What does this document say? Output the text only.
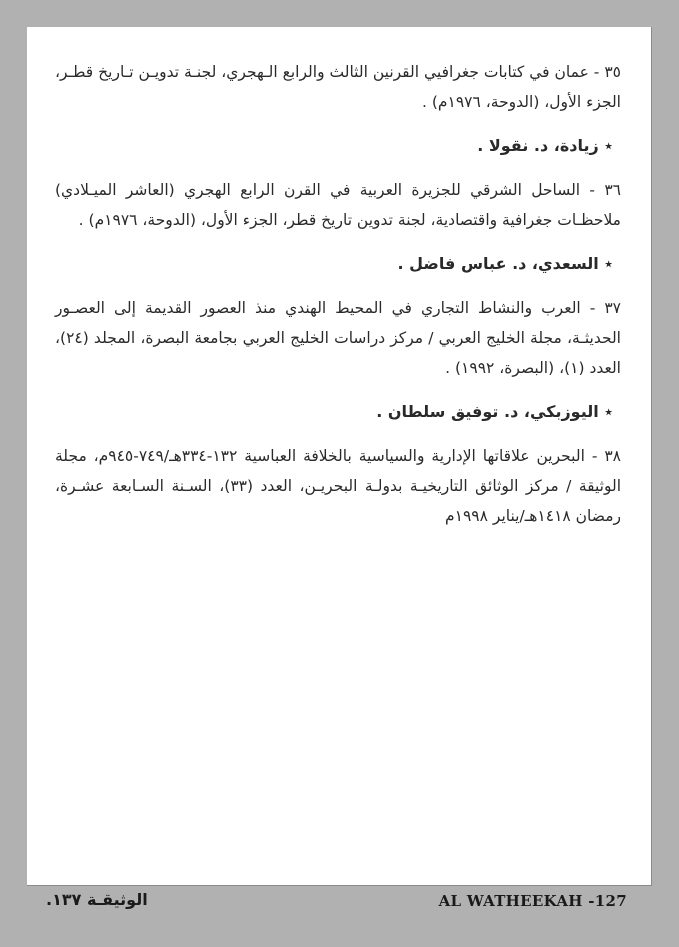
٣٥ - عمان في كتابات جغرافيي القرنين الثالث والرابع الـهجري، لجنـة تدويـن تـاريخ قطـر، الجزء الأول، (الدوحة، ١٩٧٦م) .
٭ زيادة، د. نقولا .
٣٦ - الساحل الشرقي للجزيرة العربية في القرن الرابع الهجري (العاشر الميـلادي) ملاحظـات جغرافية واقتصادية، لجنة تدوين تاريخ قطر، الجزء الأول، (الدوحة، ١٩٧٦م) .
٭ السعدي، د. عباس فاضل .
٣٧ - العرب والنشاط التجاري في المحيط الهندي منذ العصور القديمة إلى العصـور الحديثـة، مجلة الخليج العربي / مركز دراسات الخليج العربي بجامعة البصرة، المجلد (٢٤)، العدد (١)، (البصرة، ١٩٩٢) .
٭ اليوزبكي، د. توفيق سلطان .
٣٨ - البحرين علاقاتها الإدارية والسياسية بالخلافة العباسية ١٣٢-٣٣٤هـ/٧٤٩-٩٤٥م، مجلة الوثيقة / مركز الوثائق التاريخيـة بدولـة البحريـن، العدد (٣٣)، السـنة السـابعة عشـرة، رمضان ١٤١٨هـ/يناير ١٩٩٨م
AL WATHEEKAH -127
الوثيقـة ١٣٧.
